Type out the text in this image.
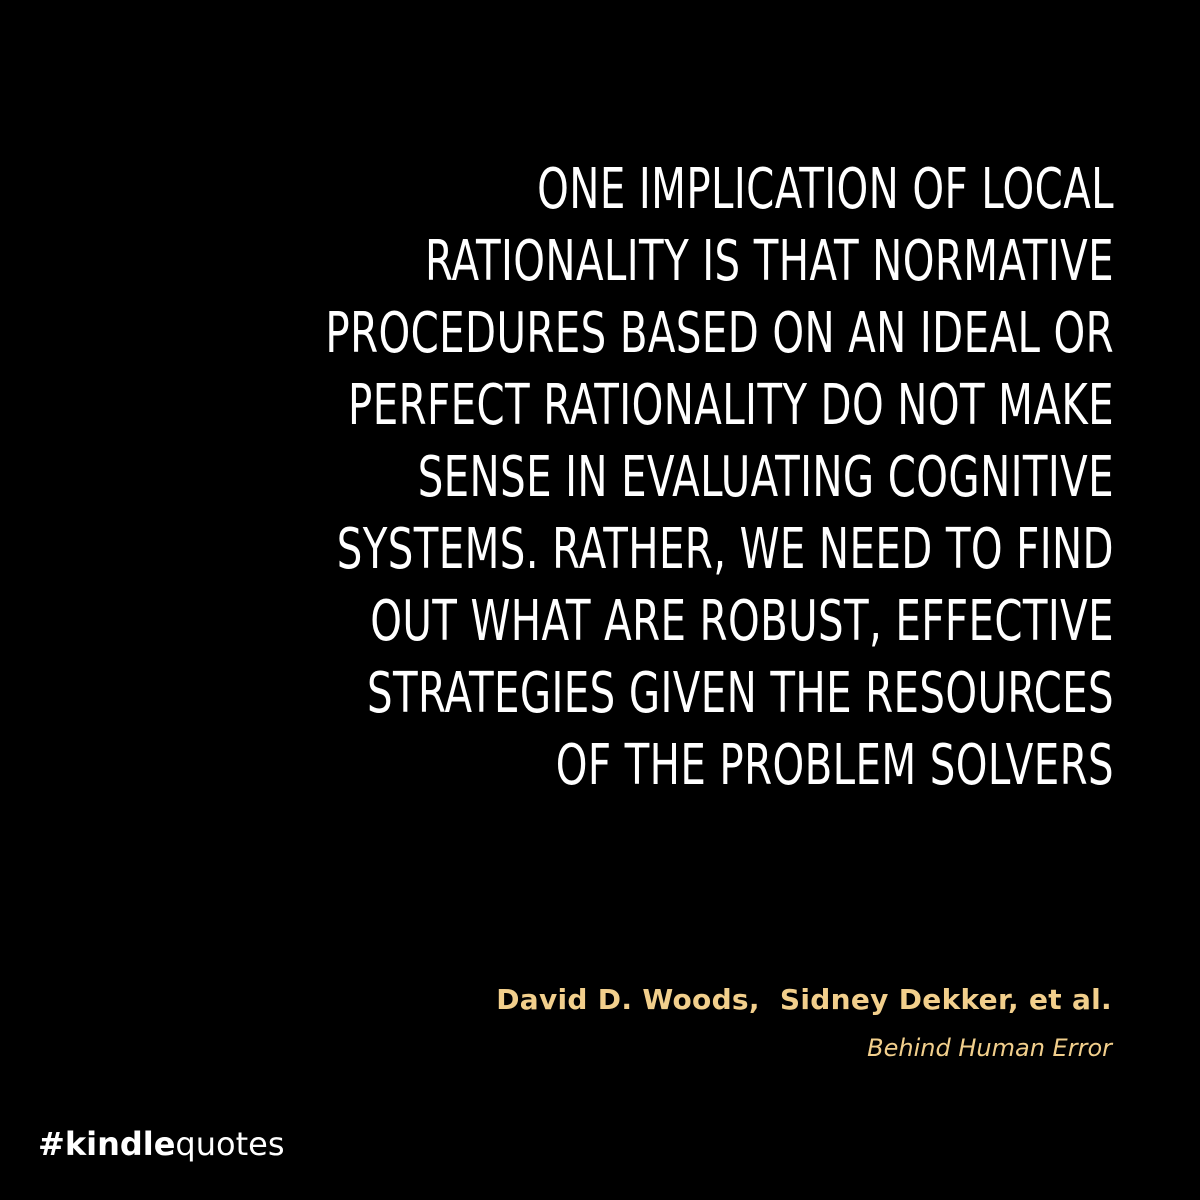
ONE IMPLICATION OF LOCAL
RATIONALITY IS THAT NORMATIVE
PROCEDURES BASED ON AN IDEAL OR
PERFECT RATIONALITY DO NOT MAKE
SENSE IN EVALUATING COGNITIVE
SYSTEMS. RATHER, WE NEED TO FIND
OUT WHAT ARE ROBUST, EFFECTIVE
STRATEGIES GIVEN THE RESOURCES
OF THE PROBLEM SOLVERS
David D. Woods,  Sidney Dekker, et al.
Behind Human Error
#kindlequotes
